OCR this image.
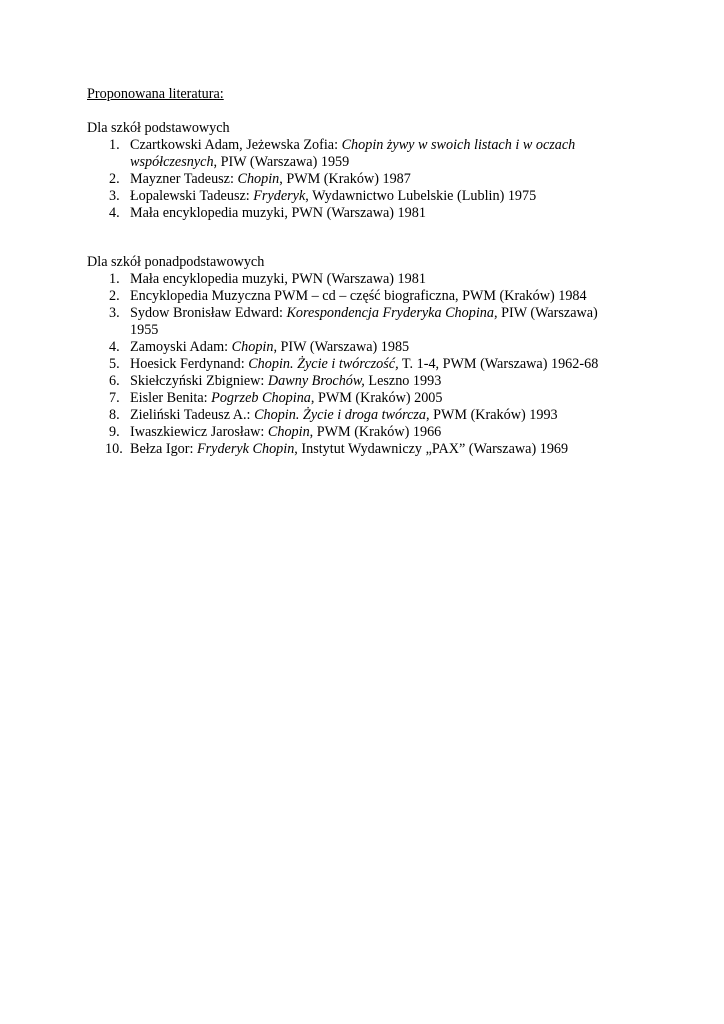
Proponowana literatura:
Dla szkół podstawowych
1. Czartkowski Adam, Jeżewska Zofia: Chopin żywy w swoich listach i w oczach współczesnych, PIW (Warszawa) 1959
2. Mayzner Tadeusz: Chopin, PWM (Kraków) 1987
3. Łopalewski Tadeusz: Fryderyk, Wydawnictwo Lubelskie (Lublin) 1975
4. Mała encyklopedia muzyki, PWN (Warszawa) 1981
Dla szkół ponadpodstawowych
1. Mała encyklopedia muzyki, PWN (Warszawa) 1981
2. Encyklopedia Muzyczna PWM – cd – część biograficzna, PWM (Kraków) 1984
3. Sydow Bronisław Edward: Korespondencja Fryderyka Chopina, PIW (Warszawa) 1955
4. Zamoyski Adam: Chopin, PIW (Warszawa) 1985
5. Hoesick Ferdynand: Chopin. Życie i twórczość, T. 1-4, PWM (Warszawa) 1962-68
6. Skiełczyński Zbigniew: Dawny Brochów, Leszno 1993
7. Eisler Benita: Pogrzeb Chopina, PWM (Kraków) 2005
8. Zieliński Tadeusz A.: Chopin. Życie i droga twórcza, PWM (Kraków) 1993
9. Iwaszkiewicz Jarosław: Chopin, PWM (Kraków) 1966
10. Bełza Igor: Fryderyk Chopin, Instytut Wydawniczy „PAX” (Warszawa) 1969
